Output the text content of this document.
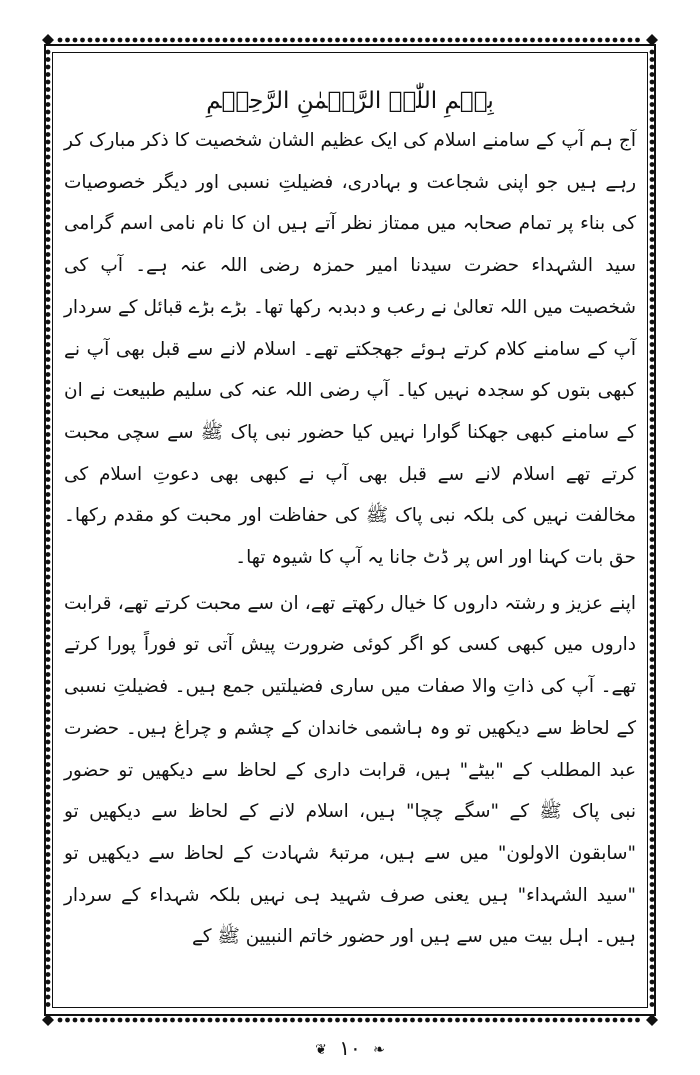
بِسۡمِ اللّٰہِ الرَّحۡمٰنِ الرَّحِیۡمِ

آج ہم آپ کے سامنے اسلام کی ایک عظیم الشان شخصیت کا ذکر مبارک کر رہے ہیں جو اپنی شجاعت و بہادری، فضیلتِ نسبی اور دیگر خصوصیات کی بناء پر تمام صحابہ میں ممتاز نظر آتے ہیں ان کا نام نامی اسم گرامی سید الشہداء حضرت سیدنا امیر حمزہ رضی اللہ عنہ ہے۔ آپ کی شخصیت میں اللہ تعالیٰ نے رعب و دبدبہ رکھا تھا۔ بڑے بڑے قبائل کے سردار آپ کے سامنے کلام کرتے ہوئے جھجکتے تھے۔ اسلام لانے سے قبل بھی آپ نے کبھی بتوں کو سجدہ نہیں کیا۔ آپ رضی اللہ عنہ کی سلیم طبیعت نے ان کے سامنے کبھی جھکنا گوارا نہیں کیا حضور نبی پاک ﷺ سے سچی محبت کرتے تھے اسلام لانے سے قبل بھی آپ نے کبھی بھی دعوتِ اسلام کی مخالفت نہیں کی بلکہ نبی پاک ﷺ کی حفاظت اور محبت کو مقدم رکھا۔ حق بات کہنا اور اس پر ڈٹ جانا یہ آپ کا شیوہ تھا۔

اپنے عزیز و رشتہ داروں کا خیال رکھتے تھے، ان سے محبت کرتے تھے، قرابت داروں میں کبھی کسی کو اگر کوئی ضرورت پیش آتی تو فوراً پورا کرتے تھے۔ آپ کی ذاتِ والا صفات میں ساری فضیلتیں جمع ہیں۔ فضیلتِ نسبی کے لحاظ سے دیکھیں تو وہ ہاشمی خاندان کے چشم و چراغ ہیں۔ حضرت عبد المطلب کے "بیٹے" ہیں، قرابت داری کے لحاظ سے دیکھیں تو حضور نبی پاک ﷺ کے "سگے چچا" ہیں، اسلام لانے کے لحاظ سے دیکھیں تو "سابقون الاولون" میں سے ہیں، مرتبۂ شہادت کے لحاظ سے دیکھیں تو "سید الشہداء" ہیں یعنی صرف شہید ہی نہیں بلکہ شہداء کے سردار ہیں۔ اہل بیت میں سے ہیں اور حضور خاتم النبیین ﷺ کے

❦ ۱۰ ❧
